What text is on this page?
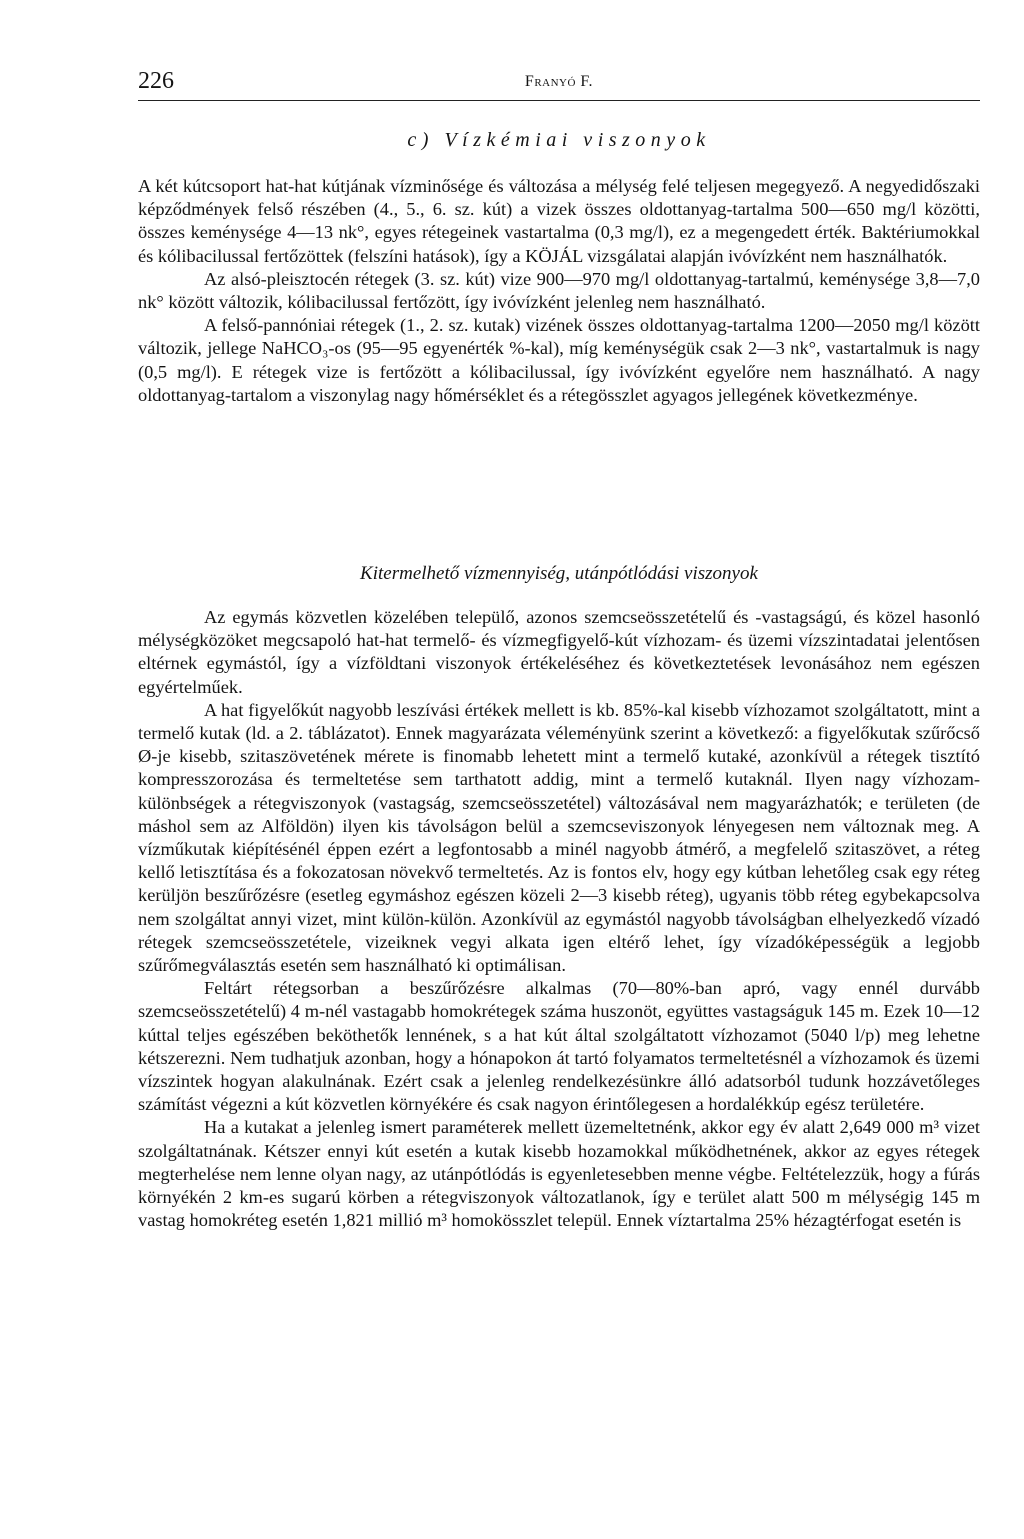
226	Franyó F.
c) Vízkémiai viszonyok

A két kútcsoport hat-hat kútjának vízminősége és változása a mélység felé teljesen megegyező. A negyedidőszaki képződmények felső részében (4., 5., 6. sz. kút) a vizek összes oldottanyag-tartalma 500—650 mg/l közötti, összes keménysége 4—13 nk°, egyes rétegeinek vastartalma (0,3 mg/l), ez a megengedett érték. Baktériumokkal és kólibacilussal fertőzöttek (felszíni hatások), így a KÖJÁL vizsgálatai alapján ivóvízként nem használhatók.

Az alsó-pleisztocén rétegek (3. sz. kút) vize 900—970 mg/l oldottanyag-tartalmú, keménysége 3,8—7,0 nk° között változik, kólibacilussal fertőzött, így ivóvízként jelenleg nem használható.

A felső-pannóniai rétegek (1., 2. sz. kutak) vizének összes oldottanyag-tartalma 1200—2050 mg/l között változik, jellege NaHCO₃-os (95—95 egyenérték %-kal), míg keménységük csak 2—3 nk°, vastartalmuk is nagy (0,5 mg/l). E rétegek vize is fertőzött a kólibacilussal, így ivóvízként egyelőre nem használható. A nagy oldottanyag-tartalom a viszonylag nagy hőmérséklet és a rétegösszlet agyagos jellegének következménye.

Kitermelhető vízmennyiség, utánpótlódási viszonyok

Az egymás közvetlen közelében települő, azonos szemcseösszetételű és -vastagságú, és közel hasonló mélységközöket megcsapoló hat-hat termelő- és vízmegfigyelő-kút vízhozam- és üzemi vízszintadatai jelentősen eltérnek egymástól, így a vízföldtani viszonyok értékeléséhez és következtetések levonásához nem egészen egyértelműek.

A hat figyelőkút nagyobb leszívási értékek mellett is kb. 85%-kal kisebb vízhozamot szolgáltatott, mint a termelő kutak (ld. a 2. táblázatot). Ennek magyarázata véleményünk szerint a következő: a figyelőkutak szűrőcső Ø-je kisebb, szitaszövetének mérete is finomabb lehetett mint a termelő kutaké, azonkívül a rétegek tisztító kompresszorozása és termeltetése sem tarthatott addig, mint a termelő kutaknál. Ilyen nagy vízhozam-különbségek a rétegviszonyok (vastagság, szemcseösszetétel) változásával nem magyarázhatók; e területen (de máshol sem az Alföldön) ilyen kis távolságon belül a szemcseviszonyok lényegesen nem változnak meg. A vízműkutak kiépítésénél éppen ezért a legfontosabb a minél nagyobb átmérő, a megfelelő szitaszövet, a réteg kellő letisztítása és a fokozatosan növekvő termeltetés. Az is fontos elv, hogy egy kútban lehetőleg csak egy réteg kerüljön beszűrőzésre (esetleg egymáshoz egészen közeli 2—3 kisebb réteg), ugyanis több réteg egybekapcsolva nem szolgáltat annyi vizet, mint külön-külön. Azonkívül az egymástól nagyobb távolságban elhelyezkedő vízadó rétegek szemcseösszetétele, vizeiknek vegyi alkata igen eltérő lehet, így vízadóképességük a legjobb szűrőmegválasztás esetén sem használható ki optimálisan.

Feltárt rétegsorban a beszűrőzésre alkalmas (70—80%-ban apró, vagy ennél durvább szemcseösszetételű) 4 m-nél vastagabb homokrétegek száma huszonöt, együttes vastagságuk 145 m. Ezek 10—12 kúttal teljes egészében beköthetők lennének, s a hat kút által szolgáltatott vízhozamot (5040 l/p) meg lehetne kétszerezni. Nem tudhatjuk azonban, hogy a hónapokon át tartó folyamatos termeltetésnél a vízhozamok és üzemi vízszintek hogyan alakulnának. Ezért csak a jelenleg rendelkezésünkre álló adatsorból tudunk hozzávetőleges számítást végezni a kút közvetlen környékére és csak nagyon érintőlegesen a hordalékkúp egész területére.

Ha a kutakat a jelenleg ismert paraméterek mellett üzemeltetnénk, akkor egy év alatt 2,649 000 m³ vizet szolgáltatnának. Kétszer ennyi kút esetén a kutak kisebb hozamokkal működhetnének, akkor az egyes rétegek megterhelése nem lenne olyan nagy, az utánpótlódás is egyenletesebben menne végbe. Feltételezzük, hogy a fúrás környékén 2 km-es sugarú körben a rétegviszonyok változatlanok, így e terület alatt 500 m mélységig 145 m vastag homokréteg esetén 1,821 millió m³ homokösszlet települ. Ennek víztartalma 25% hézagtérfogat esetén is
